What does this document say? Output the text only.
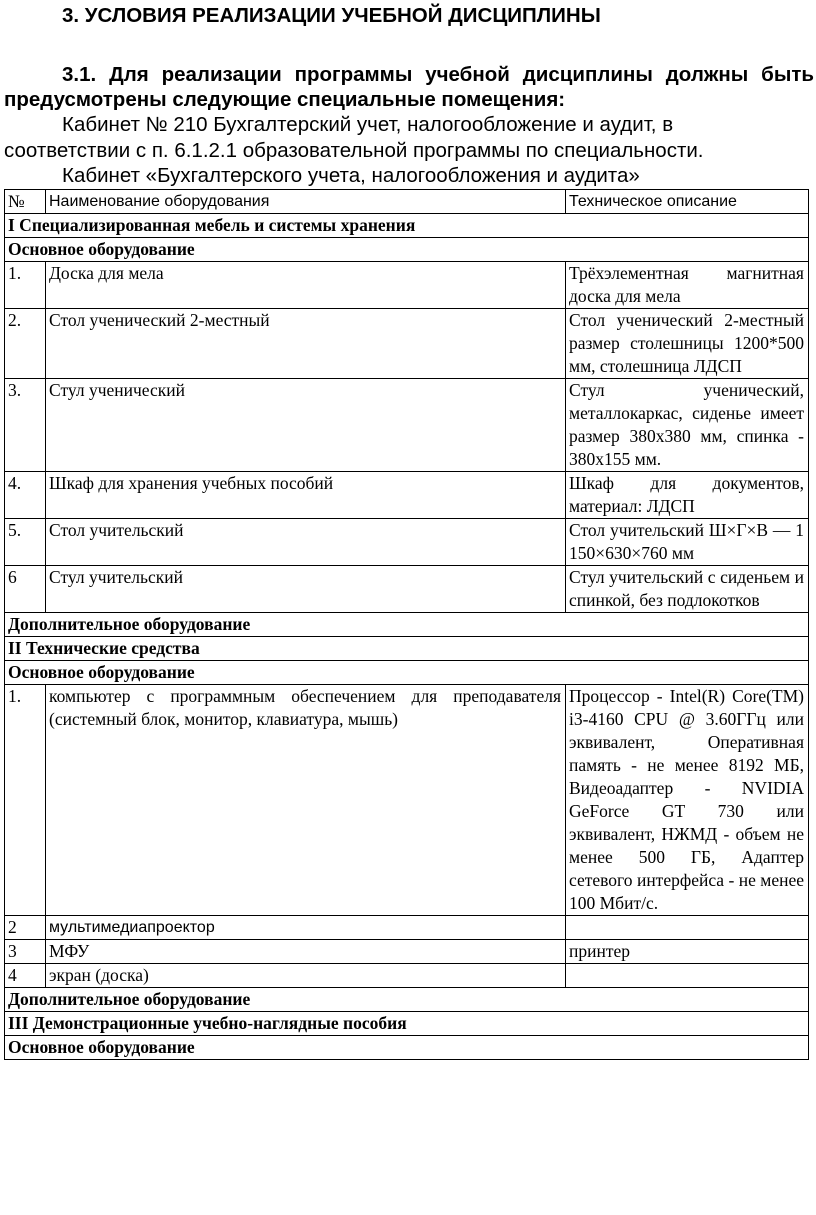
3. УСЛОВИЯ РЕАЛИЗАЦИИ УЧЕБНОЙ ДИСЦИПЛИНЫ
3.1. Для реализации программы учебной дисциплины должны быть
предусмотрены следующие специальные помещения:
Кабинет № 210 Бухгалтерский учет, налогообложение и аудит, в
соответствии с п. 6.1.2.1 образовательной программы по специальности.
Кабинет «Бухгалтерского учета, налогообложения и аудита»
№	Наименование оборудования	Техническое описание
I Специализированная мебель и системы хранения		
Основное оборудование		
1.	Доска для мела	Трёхэлементная магнитная доска для мела
2.	Стол ученический 2-местный	Стол ученический 2-местный размер столешницы 1200*500 мм, столешница ЛДСП
3.	Стул ученический	Стул ученический, металлокаркас, сиденье имеет размер 380х380 мм, спинка - 380х155 мм.
4.	Шкаф для хранения учебных пособий	Шкаф для документов, материал: ЛДСП
5.	Стол учительский	Стол учительский Ш×Г×В — 1 150×630×760 мм
6	Стул учительский	Стул учительский с сиденьем и спинкой, без подлокотков
Дополнительное оборудование		
II Технические средства		
Основное оборудование		
1.	компьютер с программным обеспечением для преподавателя (системный блок, монитор, клавиатура, мышь)	Процессор - Intel(R) Core(TM) i3-4160 CPU @ 3.60ГГц или эквивалент, Оперативная память - не менее 8192 МБ, Видеоадаптер - NVIDIA GeForce GT 730 или эквивалент, НЖМД - объем не менее 500 ГБ, Адаптер сетевого интерфейса - не менее 100 Мбит/с.
2	мультимедиапроектор	
3	МФУ	принтер
4	экран (доска)	
Дополнительное оборудование		
III Демонстрационные учебно-наглядные пособия		
Основное оборудование		
